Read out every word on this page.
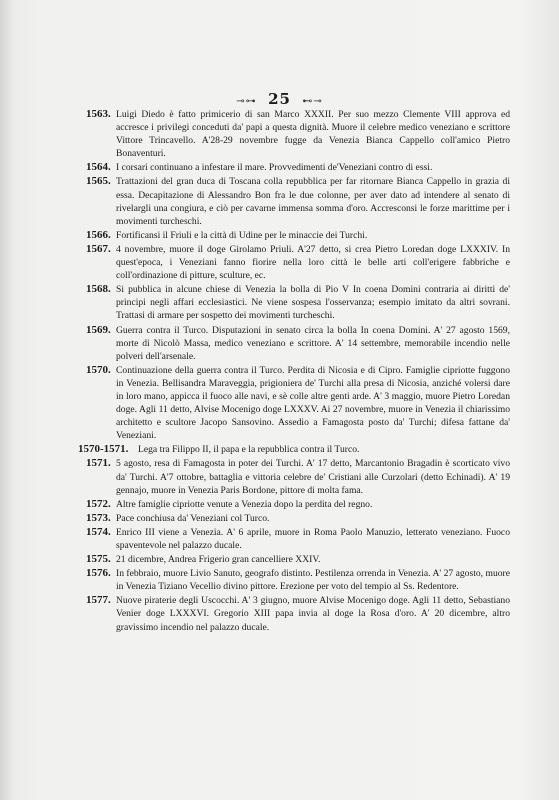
⊸⊶ 25 ⊷⊸
1563. Luigi Diedo è fatto primicerio di san Marco XXXII. Per suo mezzo Clemente VIII approva ed accresce i privilegi conceduti da' papi a questa dignità. Muore il celebre medico veneziano e scrittore Vittore Trincavello. A'28-29 novembre fugge da Venezia Bianca Cappello coll'amico Pietro Bonaventuri.
1564. I corsari continuano a infestare il mare. Provvedimenti de'Veneziani contro di essi.
1565. Trattazioni del gran duca di Toscana colla repubblica per far ritornare Bianca Cappello in grazia di essa. Decapitazione di Alessandro Bon fra le due colonne, per aver dato ad intendere al senato di rivelargli una congiura, e ciò per cavarne immensa somma d'oro. Accresconsi le forze marittime per i movimenti turcheschi.
1566. Fortificansi il Friuli e la città di Udine per le minaccie dei Turchi.
1567. 4 novembre, muore il doge Girolamo Priuli. A'27 detto, si crea Pietro Loredan doge LXXXIV. In quest'epoca, i Veneziani fanno fiorire nella loro città le belle arti coll'erigere fabbriche e coll'ordinazione di pitture, sculture, ec.
1568. Si pubblica in alcune chiese di Venezia la bolla di Pio V In coena Domini contraria ai diritti de' principi negli affari ecclesiastici. Ne viene sospesa l'osservanza; esempio imitato da altri sovrani. Trattasi di armare per sospetto dei movimenti turcheschi.
1569. Guerra contra il Turco. Disputazioni in senato circa la bolla In coena Domini. A' 27 agosto 1569, morte di Nicolò Massa, medico veneziano e scrittore. A' 14 settembre, memorabile incendio nelle polveri dell'arsenale.
1570. Continuazione della guerra contra il Turco. Perdita di Nicosia e di Cipro. Famiglie cipriotte fuggono in Venezia. Bellisandra Maraveggia, prigioniera de' Turchi alla presa di Nicosia, anziché volersi dare in loro mano, appicca il fuoco alle navi, e sè colle altre genti arde. A' 3 maggio, muore Pietro Loredan doge. Agli 11 detto, Alvise Mocenigo doge LXXXV. Ai 27 novembre, muore in Venezia il chiarissimo architetto e scultore Jacopo Sansovino. Assedio a Famagosta posto da' Turchi; difesa fattane da' Veneziani.
1570-1571. Lega tra Filippo II, il papa e la repubblica contra il Turco.
1571. 5 agosto, resa di Famagosta in poter dei Turchi. A' 17 detto, Marcantonio Bragadin è scorticato vivo da' Turchi. A'7 ottobre, battaglia e vittoria celebre de' Cristiani alle Curzolari (detto Echinadi). A' 19 gennajo, muore in Venezia Paris Bordone, pittore di molta fama.
1572. Altre famiglie cipriotte venute a Venezia dopo la perdita del regno.
1573. Pace conchiusa da' Veneziani col Turco.
1574. Enrico III viene a Venezia. A' 6 aprile, muore in Roma Paolo Manuzio, letterato veneziano. Fuoco spaventevole nel palazzo ducale.
1575. 21 dicembre, Andrea Frigerio gran cancelliere XXIV.
1576. In febbraio, muore Livio Sanuto, geografo distinto. Pestilenza orrenda in Venezia. A' 27 agosto, muore in Venezia Tiziano Vecellio divino pittore. Erezione per voto del tempio al Ss. Redentore.
1577. Nuove piraterie degli Uscocchi. A' 3 giugno, muore Alvise Mocenigo doge. Agli 11 detto, Sebastiano Venier doge LXXXVI. Gregorio XIII papa invia al doge la Rosa d'oro. A' 20 dicembre, altro gravissimo incendio nel palazzo ducale.
